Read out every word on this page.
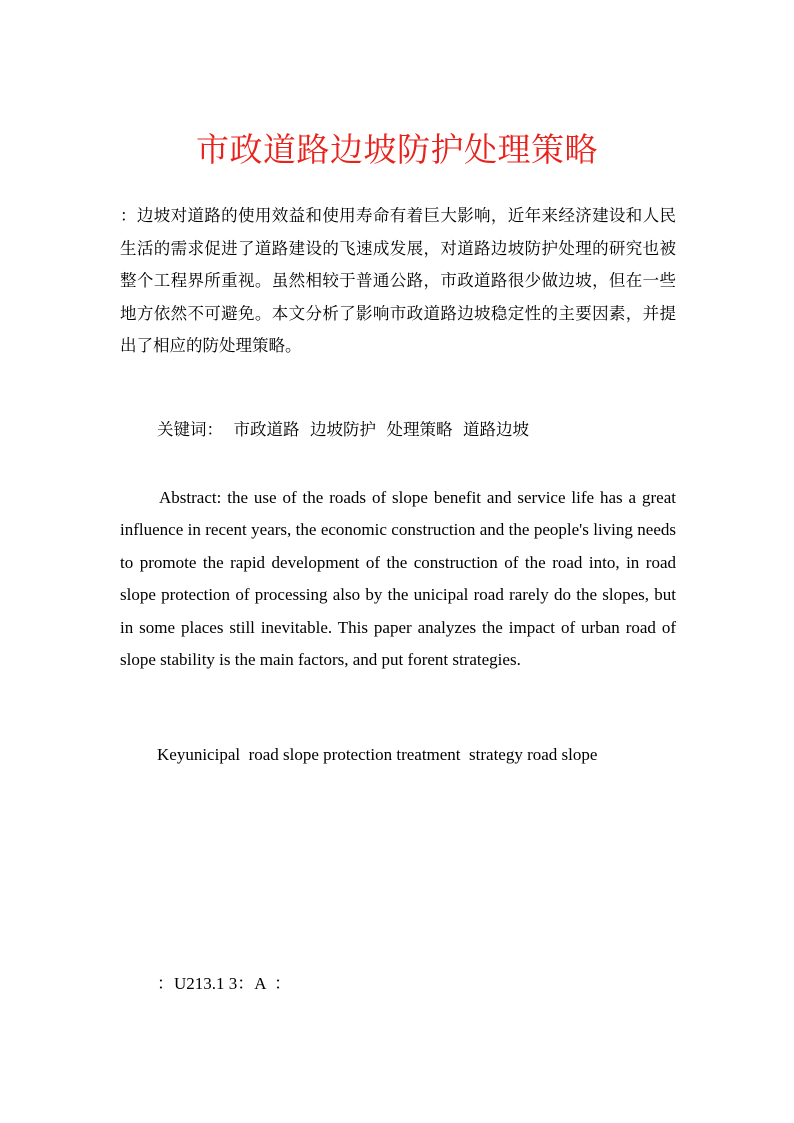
市政道路边坡防护处理策略

：边坡对道路的使用效益和使用寿命有着巨大影响，近年来经济建设和人民生活的需求促进了道路建设的飞速成发展，对道路边坡防护处理的研究也被整个工程界所重视。虽然相较于普通公路，市政道路很少做边坡，但在一些地方依然不可避免。本文分析了影响市政道路边坡稳定性的主要因素，并提出了相应的防处理策略。

关键词：  市政道路  边坡防护  处理策略  道路边坡

Abstract: the use of the roads of slope benefit and service life has a great influence in recent years, the economic construction and the people's living needs to promote the rapid development of the construction of the road into, in road slope protection of processing also by the unicipal road rarely do the slopes, but in some places still inevitable. This paper analyzes the impact of urban road of slope stability is the main factors, and put forent strategies.

Keyunicipal  road slope protection treatment  strategy road slope

：U213.1 3：A  ：
